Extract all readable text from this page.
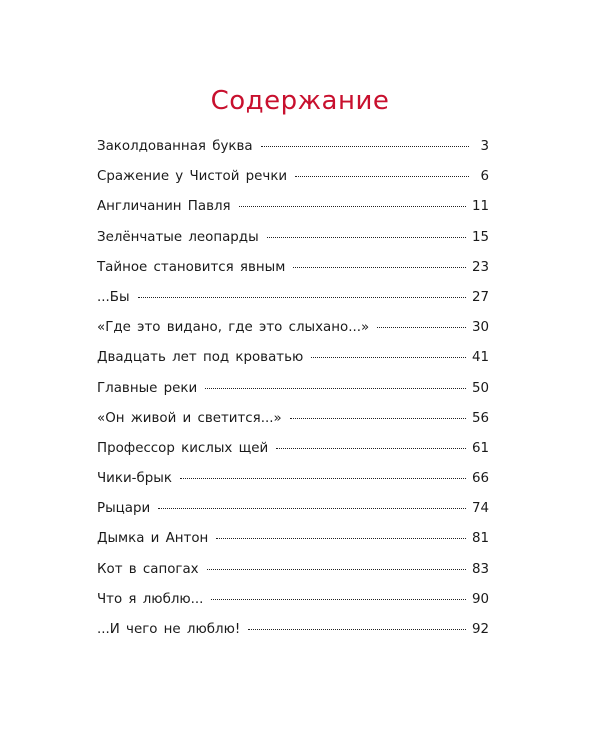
Содержание
Заколдованная буква	3
Сражение у Чистой речки	6
Англичанин Павля	11
Зелёнчатые леопарды	15
Тайное становится явным	23
...Бы	27
«Где это видано, где это слыхано...»	30
Двадцать лет под кроватью	41
Главные реки	50
«Он живой и светится...»	56
Профессор кислых щей	61
Чики-брык	66
Рыцари	74
Дымка и Антон	81
Кот в сапогах	83
Что я люблю...	90
...И чего не люблю!	92
